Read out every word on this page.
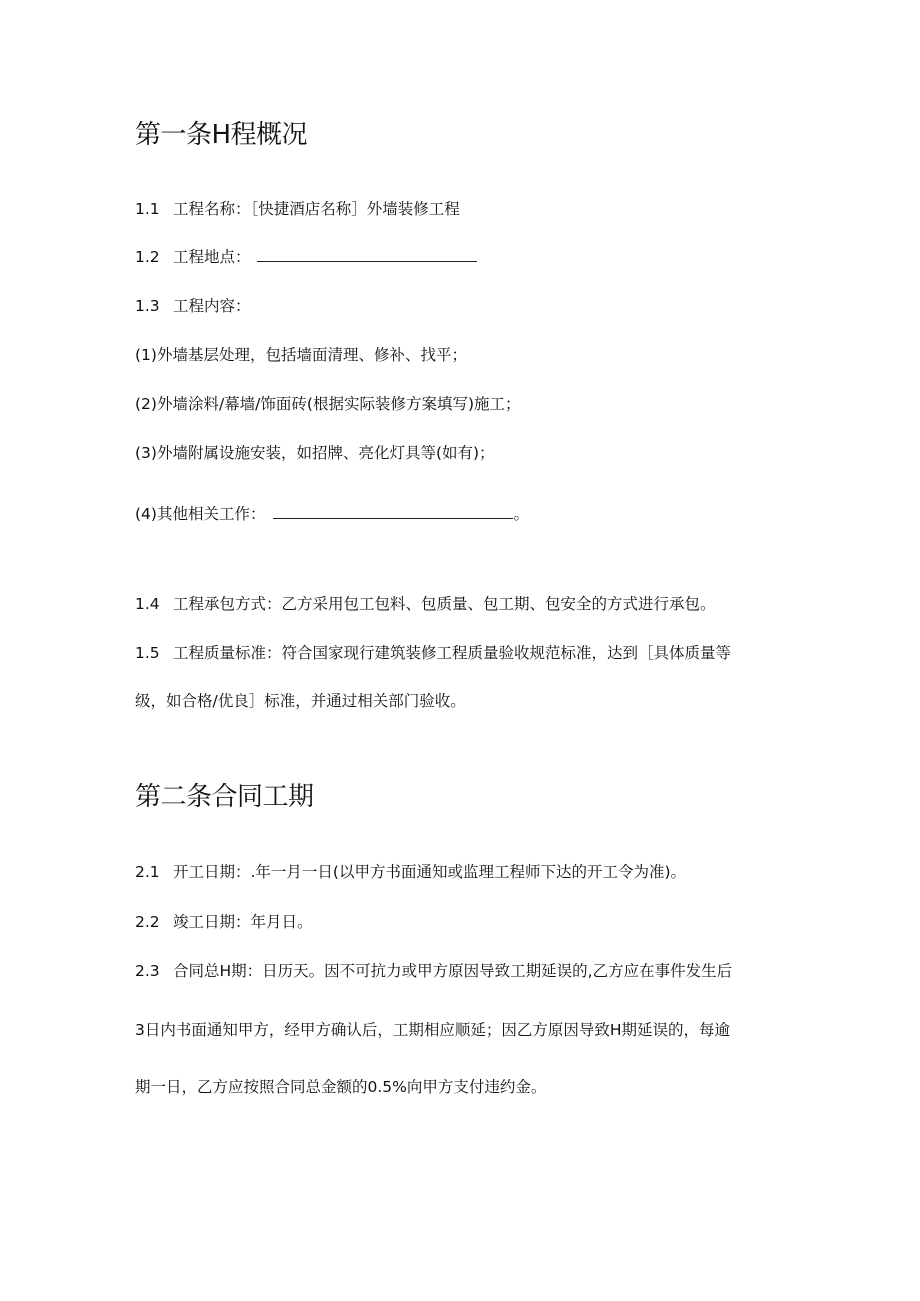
第一条H程概况
1.1 工程名称：［快捷酒店名称］外墙装修工程
1.2 工程地点：
1.3 工程内容：
(1)外墙基层处理，包括墙面清理、修补、找平；
(2)外墙涂料/幕墙/饰面砖(根据实际装修方案填写)施工；
(3)外墙附属设施安装，如招牌、亮化灯具等(如有)；
(4)其他相关工作：	。
1.4 工程承包方式：乙方采用包工包料、包质量、包工期、包安全的方式进行承包。
1.5 工程质量标准：符合国家现行建筑装修工程质量验收规范标准，达到［具体质量等
级，如合格/优良］标准，并通过相关部门验收。
第二条合同工期
2.1 开工日期：.年一月一日(以甲方书面通知或监理工程师下达的开工令为准)。
2.2 竣工日期：年月日。
2.3 合同总H期：日历天。因不可抗力或甲方原因导致工期延误的,乙方应在事件发生后
3日内书面通知甲方，经甲方确认后，工期相应顺延；因乙方原因导致H期延误的，每逾
期一日，乙方应按照合同总金额的0.5%向甲方支付违约金。
